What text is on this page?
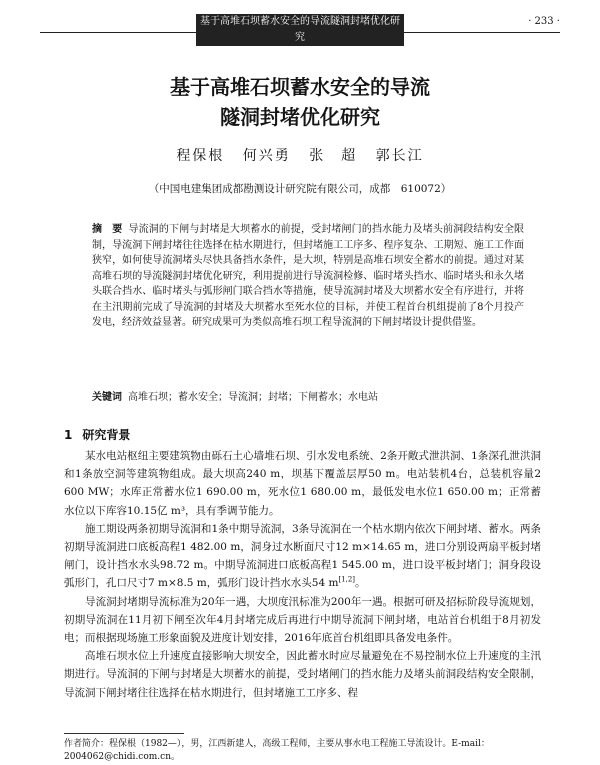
基于高堆石坝蓄水安全的导流隧洞封堵优化研究
· 233 ·
基于高堆石坝蓄水安全的导流
隧洞封堵优化研究
程保根 何兴勇 张　超 郭长江
（中国电建集团成都勘测设计研究院有限公司，成都　610072）
摘　要 导流洞的下闸与封堵是大坝蓄水的前提，受封堵闸门的挡水能力及堵头前洞段结构安全限制，导流洞下闸封堵往往选择在枯水期进行，但封堵施工工序多、程序复杂、工期短、施工工作面狭窄，如何使导流洞堵头尽快具备挡水条件，是大坝，特别是高堆石坝安全蓄水的前提。通过对某高堆石坝的导流隧洞封堵优化研究，利用提前进行导流洞检修、临时堵头挡水、临时堵头和永久堵头联合挡水、临时堵头与弧形闸门联合挡水等措施，使导流洞封堵及大坝蓄水安全有序进行，并将在主汛期前完成了导流洞的封堵及大坝蓄水至死水位的目标，并使工程首台机组提前了8个月投产发电，经济效益显著。研究成果可为类似高堆石坝工程导流洞的下闸封堵设计提供借鉴。
关键词 高堆石坝；蓄水安全；导流洞；封堵；下闸蓄水；水电站
1 研究背景

某水电站枢纽主要建筑物由砾石土心墙堆石坝、引水发电系统、2条开敞式泄洪洞、1条深孔泄洪洞和1条放空洞等建筑物组成。最大坝高240 m，坝基下覆盖层厚50 m。电站装机4台，总装机容量2 600 MW；水库正常蓄水位1 690.00 m，死水位1 680.00 m，最低发电水位1 650.00 m；正常蓄水位以下库容10.15亿 m³，具有季调节能力。

施工期设两条初期导流洞和1条中期导流洞，3条导流洞在一个枯水期内依次下闸封堵、蓄水。两条初期导流洞进口底板高程1 482.00 m，洞身过水断面尺寸12 m×14.65 m，进口分别设两扇平板封堵闸门，设计挡水水头98.72 m。中期导流洞进口底板高程1 545.00 m，进口设平板封堵门；洞身段设弧形门，孔口尺寸7 m×8.5 m，弧形门设计挡水水头54 m[1,2]。

导流洞封堵期导流标准为20年一遇，大坝度汛标准为200年一遇。根据可研及招标阶段导流规划，初期导流洞在11月初下闸至次年4月封堵完成后再进行中期导流洞下闸封堵，电站首台机组于8月初发电；而根据现场施工形象面貌及进度计划安排，2016年底首台机组即具备发电条件。

高堆石坝水位上升速度直接影响大坝安全，因此蓄水时应尽量避免在不易控制水位上升速度的主汛期进行。导流洞的下闸与封堵是大坝蓄水的前提，受封堵闸门的挡水能力及堵头前洞段结构安全限制，导流洞下闸封堵往往选择在枯水期进行，但封堵施工工序多、程

作者简介：程保根（1982—），男，江西新建人，高级工程师，主要从事水电工程施工导流设计。E-mail：2004062@chidi.com.cn。
